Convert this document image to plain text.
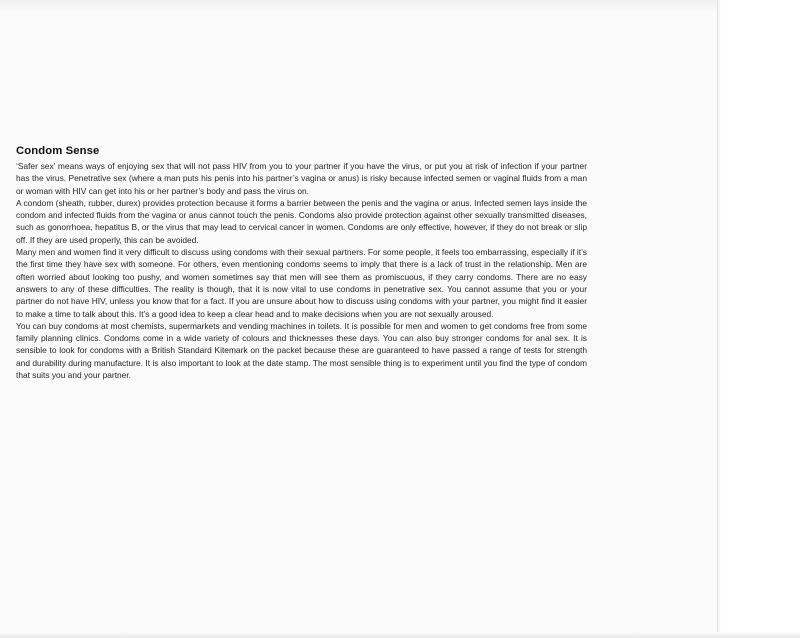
Condom Sense

‘Safer sex’ means ways of enjoying sex that will not pass HIV from you to your partner if you have the virus, or put you at risk of infection if your partner has the virus. Penetrative sex (where a man puts his penis into his partner’s vagina or anus) is risky because infected semen or vaginal fluids from a man or woman with HIV can get into his or her partner’s body and pass the virus on.

A condom (sheath, rubber, durex) provides protection because it forms a barrier between the penis and the vagina or anus. Infected semen lays inside the condom and infected fluids from the vagina or anus cannot touch the penis. Condoms also provide protection against other sexually transmitted diseases, such as gonorrhoea, hepatitus B, or the virus that may lead to cervical cancer in women. Condoms are only effective, however, if they do not break or slip off. If they are used properly, this can be avoided.

Many men and women find it very difficult to discuss using condoms with their sexual partners. For some people, it feels too embarrassing, especially if it’s the first time they have sex with someone. For others, even mentioning condoms seems to imply that there is a lack of trust in the relationship. Men are often worried about looking too pushy, and women sometimes say that men will see them as promiscuous, if they carry condoms. There are no easy answers to any of these difficulties. The reality is though, that it is now vital to use condoms in penetrative sex. You cannot assume that you or your partner do not have HIV, unless you know that for a fact. If you are unsure about how to discuss using condoms with your partner, you might find it easier to make a time to talk about this. It’s a good idea to keep a clear head and to make decisions when you are not sexually aroused.

You can buy condoms at most chemists, supermarkets and vending machines in toilets. It is possible for men and women to get condoms free from some family planning clinics. Condoms come in a wide variety of colours and thicknesses these days. You can also buy stronger condoms for anal sex. It is sensible to look for condoms with a British Standard Kitemark on the packet because these are guaranteed to have passed a range of tests for strength and durability during manufacture. It is also important to look at the date stamp. The most sensible thing is to experiment until you find the type of condom that suits you and your partner.
